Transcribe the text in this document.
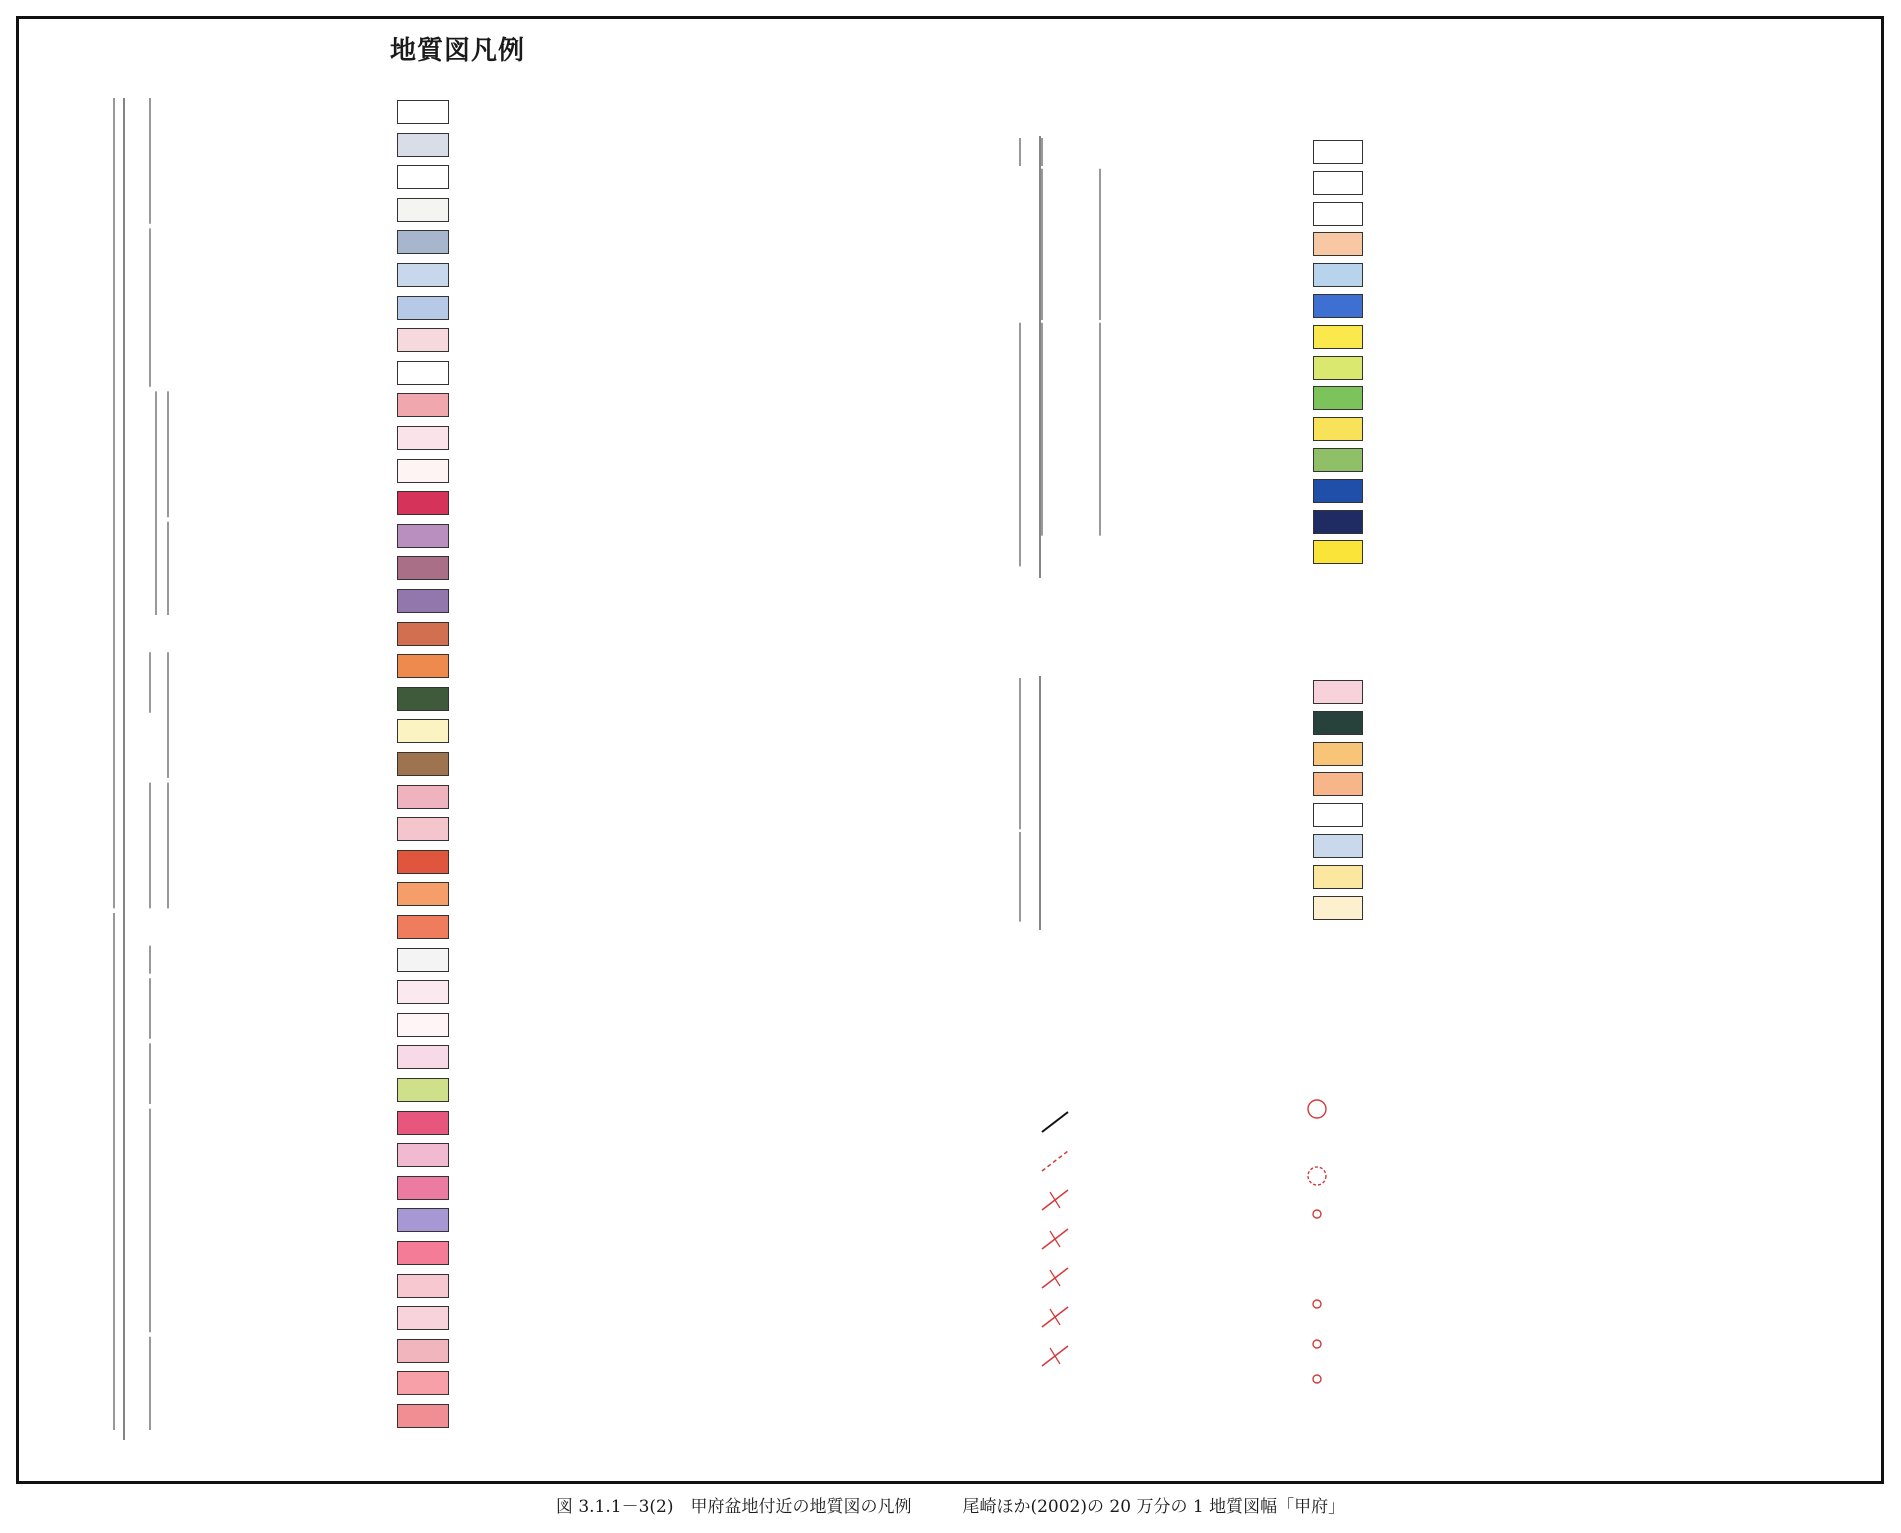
地質図凡例
図 3.1.1－3(2)　甲府盆地付近の地質図の凡例　　　尾崎ほか(2002)の 20 万分の 1 地質図幅「甲府」
